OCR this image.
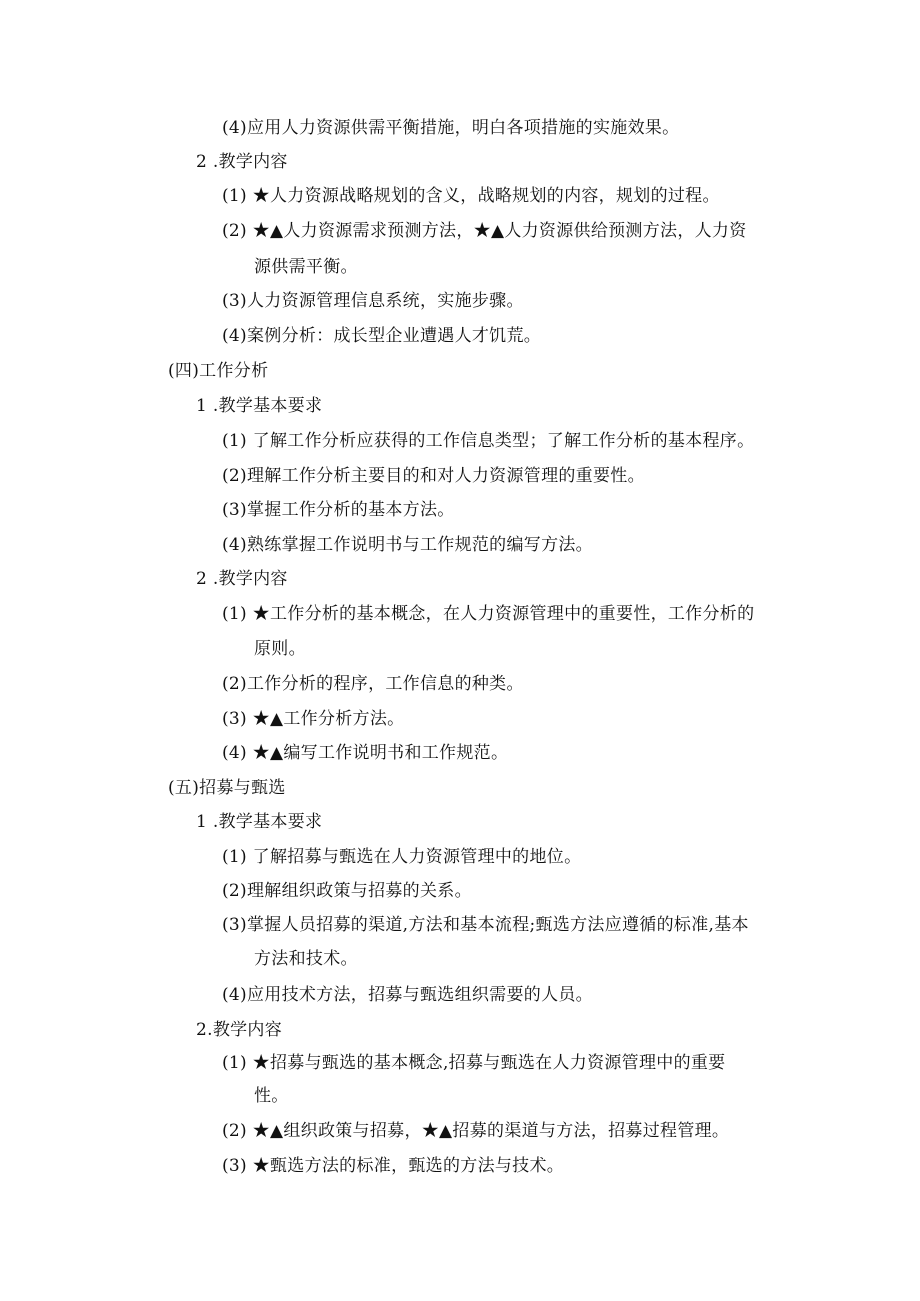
(4)应用人力资源供需平衡措施，明白各项措施的实施效果。
2 .教学内容
(1) ★人力资源战略规划的含义，战略规划的内容，规划的过程。
(2) ★▲人力资源需求预测方法，★▲人力资源供给预测方法，人力资
源供需平衡。
(3)人力资源管理信息系统，实施步骤。
(4)案例分析：成长型企业遭遇人才饥荒。
(四)工作分析
1 .教学基本要求
(1) 了解工作分析应获得的工作信息类型；了解工作分析的基本程序。
(2)理解工作分析主要目的和对人力资源管理的重要性。
(3)掌握工作分析的基本方法。
(4)熟练掌握工作说明书与工作规范的编写方法。
2 .教学内容
(1) ★工作分析的基本概念，在人力资源管理中的重要性，工作分析的
原则。
(2)工作分析的程序，工作信息的种类。
(3) ★▲工作分析方法。
(4) ★▲编写工作说明书和工作规范。
(五)招募与甄选
1 .教学基本要求
(1) 了解招募与甄选在人力资源管理中的地位。
(2)理解组织政策与招募的关系。
(3)掌握人员招募的渠道,方法和基本流程;甄选方法应遵循的标准,基本
方法和技术。
(4)应用技术方法，招募与甄选组织需要的人员。
2.教学内容
(1) ★招募与甄选的基本概念,招募与甄选在人力资源管理中的重要
性。
(2) ★▲组织政策与招募，★▲招募的渠道与方法，招募过程管理。
(3) ★甄选方法的标准，甄选的方法与技术。
